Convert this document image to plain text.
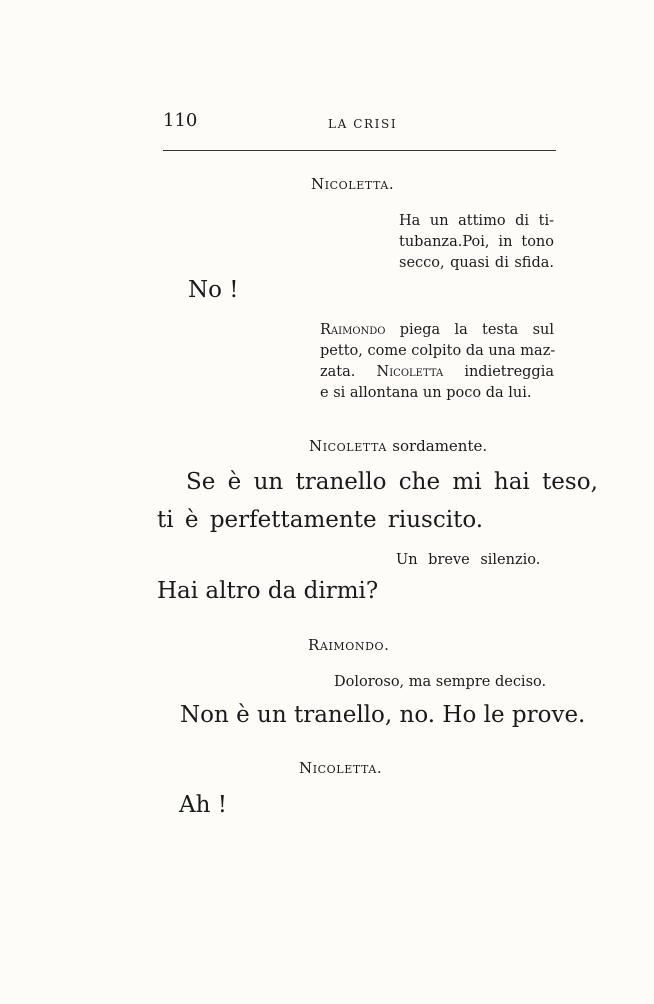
110	LA CRISI
Nicoletta.
Ha un attimo di ti-
tubanza.Poi, in tono
secco, quasi di sfida.
No !
Raimondo piega la testa sul
petto, come colpito da una maz-
zata. Nicoletta indietreggia
e si allontana un poco da lui.
Nicoletta sordamente.
Se è un tranello che mi hai teso,
ti è perfettamente riuscito.
Un breve silenzio.
Hai altro da dirmi?
Raimondo.
Doloroso, ma sempre deciso.
Non è un tranello, no. Ho le prove.
Nicoletta.
Ah !
